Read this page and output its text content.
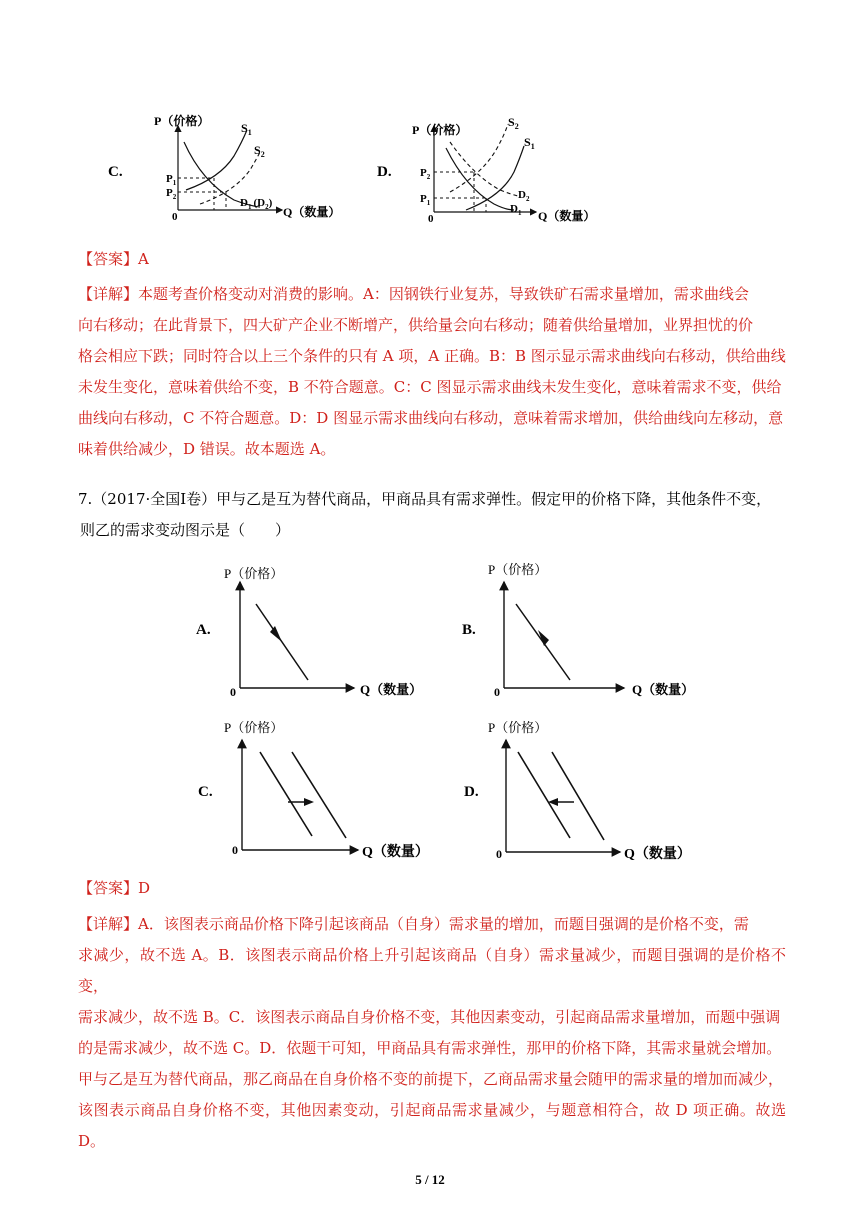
C.
P（价格）
0	Q（数量）
$S_1$
$S_2$
$P_1$
$P_2$	$D_1$ $(D_2)$
D.
P（价格）
0	Q（数量）
$S_2$
$S_1$
$P_2$
$P_1$
$D_2$
$D_1$
【答案】A
【详解】本题考查价格变动对消费的影响。A：因钢铁行业复苏，导致铁矿石需求量增加，需求曲线会
向右移动；在此背景下，四大矿产企业不断增产，供给量会向右移动；随着供给量增加，业界担忧的价
格会相应下跌；同时符合以上三个条件的只有 A 项，A 正确。B：B 图示显示需求曲线向右移动，供给曲线
未发生变化，意味着供给不变，B 不符合题意。C：C 图显示需求曲线未发生变化，意味着需求不变，供给
曲线向右移动，C 不符合题意。D：D 图显示需求曲线向右移动，意味着需求增加，供给曲线向左移动，意
味着供给减少，D 错误。故本题选 A。
7.（2017·全国Ⅰ卷）甲与乙是互为替代商品，甲商品具有需求弹性。假定甲的价格下降，其他条件不变，
则乙的需求变动图示是（　　）
A.
P（价格）
0	Q（数量）
B.
P（价格）
0	Q（数量）
C.
P（价格）
0	Q（数量）
D.
P（价格）
0	Q（数量）
【答案】D
【详解】A．该图表示商品价格下降引起该商品（自身）需求量的增加，而题目强调的是价格不变，需
求减少，故不选 A。B．该图表示商品价格上升引起该商品（自身）需求量减少，而题目强调的是价格不变，
需求减少，故不选 B。C．该图表示商品自身价格不变，其他因素变动，引起商品需求量增加，而题中强调
的是需求减少，故不选 C。D．依题干可知，甲商品具有需求弹性，那甲的价格下降，其需求量就会增加。
甲与乙是互为替代商品，那乙商品在自身价格不变的前提下，乙商品需求量会随甲的需求量的增加而减少，
该图表示商品自身价格不变，其他因素变动，引起商品需求量减少，与题意相符合，故 D 项正确。故选 D。
5 / 12
